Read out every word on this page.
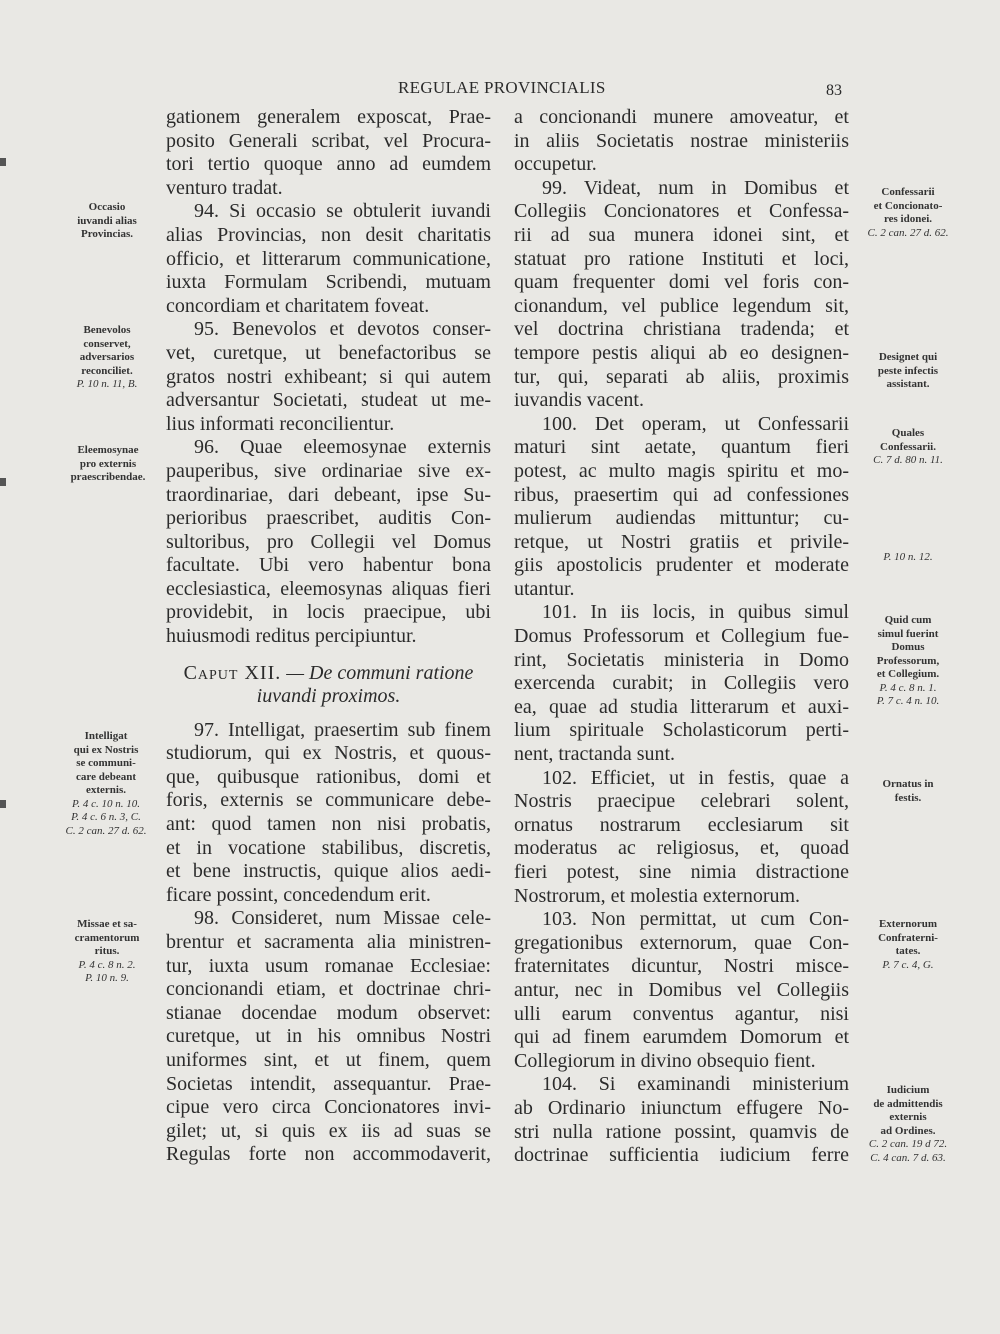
REGULAE PROVINCIALIS	83
gationem generalem exposcat, Prae-
posito Generali scribat, vel Procura-
tori tertio quoque anno ad eumdem
venturo tradat.
94. Si occasio se obtulerit iuvandi
alias Provincias, non desit charitatis
officio, et litterarum communicatione,
iuxta Formulam Scribendi, mutuam
concordiam et charitatem foveat.
95. Benevolos et devotos conser-
vet, curetque, ut benefactoribus se
gratos nostri exhibeant; si qui autem
adversantur Societati, studeat ut me-
lius informati reconcilientur.
96. Quae eleemosynae externis
pauperibus, sive ordinariae sive ex-
traordinariae, dari debeant, ipse Su-
perioribus praescribet, auditis Con-
sultoribus, pro Collegii vel Domus
facultate. Ubi vero habentur bona
ecclesiastica, eleemosynas aliquas fieri
providebit, in locis praecipue, ubi
huiusmodi reditus percipiuntur.
Caput XII. — De communi ratione
iuvandi proximos.
97. Intelligat, praesertim sub finem
studiorum, qui ex Nostris, et quous-
que, quibusque rationibus, domi et
foris, externis se communicare debe-
ant: quod tamen non nisi probatis,
et in vocatione stabilibus, discretis,
et bene instructis, quique alios aedi-
ficare possint, concedendum erit.
98. Consideret, num Missae cele-
brentur et sacramenta alia ministren-
tur, iuxta usum romanae Ecclesiae:
concionandi etiam, et doctrinae chri-
stianae docendae modum observet:
curetque, ut in his omnibus Nostri
uniformes sint, et ut finem, quem
Societas intendit, assequantur. Prae-
cipue vero circa Concionatores invi-
gilet; ut, si quis ex iis ad suas se
Regulas forte non accommodaverit,
a concionandi munere amoveatur, et
in aliis Societatis nostrae ministeriis
occupetur.
99. Videat, num in Domibus et
Collegiis Concionatores et Confessa-
rii ad sua munera idonei sint, et
statuat pro ratione Instituti et loci,
quam frequenter domi vel foris con-
cionandum, vel publice legendum sit,
vel doctrina christiana tradenda; et
tempore pestis aliqui ab eo designen-
tur, qui, separati ab aliis, proximis
iuvandis vacent.
100. Det operam, ut Confessarii
maturi sint aetate, quantum fieri
potest, ac multo magis spiritu et mo-
ribus, praesertim qui ad confessiones
mulierum audiendas mittuntur; cu-
retque, ut Nostri gratiis et privile-
giis apostolicis prudenter et moderate
utantur.
101. In iis locis, in quibus simul
Domus Professorum et Collegium fue-
rint, Societatis ministeria in Domo
exercenda curabit; in Collegiis vero
ea, quae ad studia litterarum et auxi-
lium spirituale Scholasticorum perti-
nent, tractanda sunt.
102. Efficiet, ut in festis, quae a
Nostris praecipue celebrari solent,
ornatus nostrarum ecclesiarum sit
moderatus ac religiosus, et, quoad
fieri potest, sine nimia distractione
Nostrorum, et molestia externorum.
103. Non permittat, ut cum Con-
gregationibus externorum, quae Con-
fraternitates dicuntur, Nostri misce-
antur, nec in Domibus vel Collegiis
ulli earum conventus agantur, nisi
qui ad finem earumdem Domorum et
Collegiorum in divino obsequio fient.
104. Si examinandi ministerium
ab Ordinario iniunctum effugere No-
stri nulla ratione possint, quamvis de
doctrinae sufficientia iudicium ferre
Occasio
iuvandi alias
Provincias.
Benevolos
conservet,
adversarios
reconciliet.
P. 10 n. 11, B.
Eleemosynae
pro externis
praescribendae.
Intelligat
qui ex Nostris
se communi-
care debeant
externis.
P. 4 c. 10 n. 10.
P. 4 c. 6 n. 3, C.
C. 2 can. 27 d. 62.
Missae et sa-
cramentorum
ritus.
P. 4 c. 8 n. 2.
P. 10 n. 9.
Confessarii
et Concionato-
res idonei.
C. 2 can. 27 d. 62.
Designet qui
peste infectis
assistant.
Quales
Confessarii.
C. 7 d. 80 n. 11.
P. 10 n. 12.
Quid cum
simul fuerint
Domus
Professorum,
et Collegium.
P. 4 c. 8 n. 1.
P. 7 c. 4 n. 10.
Ornatus in
festis.
Externorum
Confraterni-
tates.
P. 7 c. 4, G.
Iudicium
de admittendis
externis
ad Ordines.
C. 2 can. 19 d 72.
C. 4 can. 7 d. 63.
